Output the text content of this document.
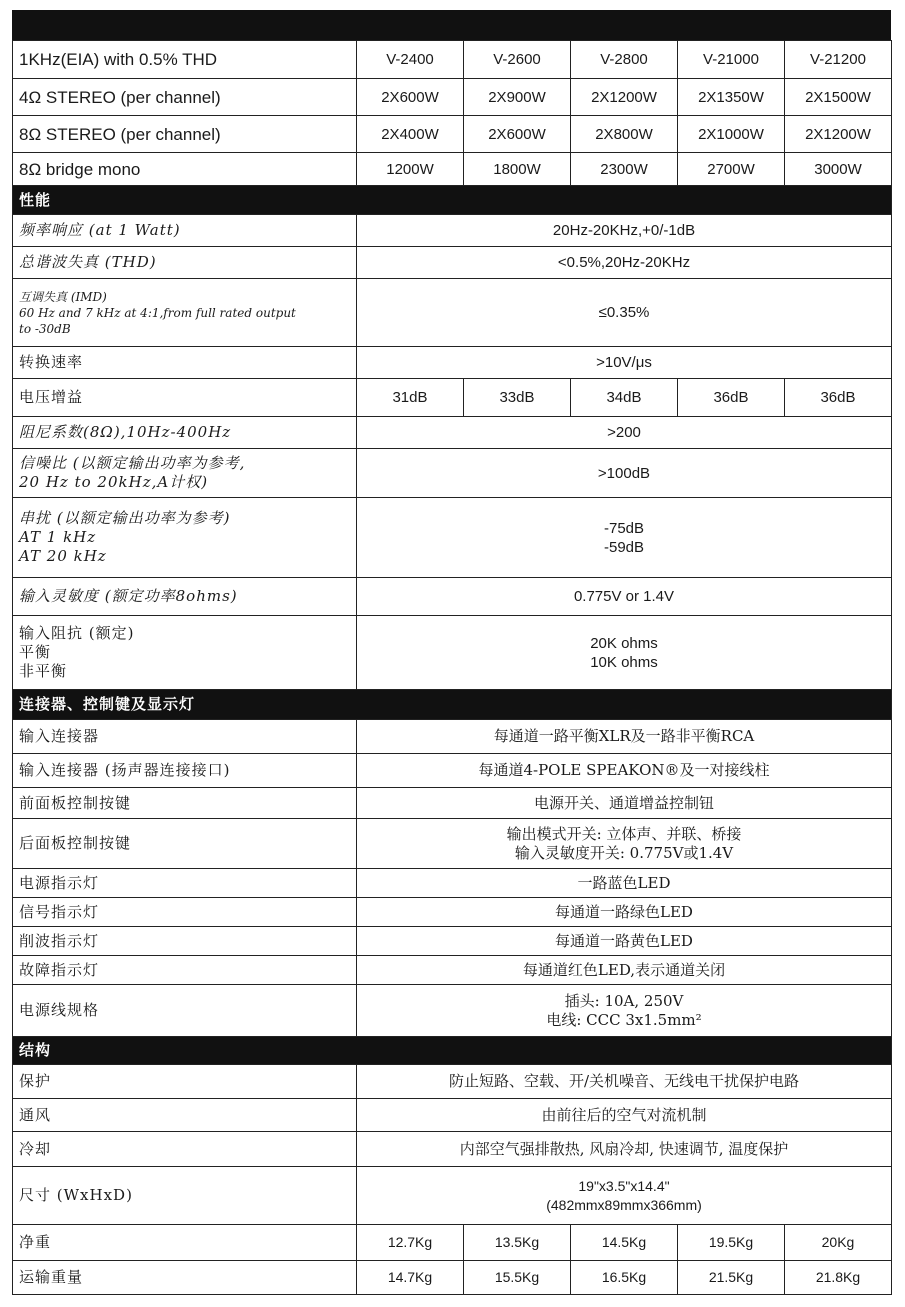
1KHz(EIA) with 0.5% THD	V-2400	V-2600	V-2800	V-21000	V-21200
4Ω STEREO (per channel)	2X600W	2X900W	2X1200W	2X1350W	2X1500W
8Ω STEREO (per channel)	2X400W	2X600W	2X800W	2X1000W	2X1200W
8Ω bridge mono	1200W	1800W	2300W	2700W	3000W
性能					
频率响应 (at 1 Watt)	20Hz-20KHz,+0/-1dB				
总谐波失真 (THD)	<0.5%,20Hz-20KHz				

互调失真 (IMD)
60 Hz and 7 kHz at 4:1,from full rated output
to -30dB	≤0.35%				
转换速率	>10V/μs				
电压增益	31dB	33dB	34dB	36dB	36dB
阻尼系数(8Ω),10Hz-400Hz	>200				

信噪比 (以额定输出功率为参考,
20 Hz to 20kHz,A计权)	>100dB				

串扰 (以额定输出功率为参考)
AT 1 kHz
AT 20 kHz	-75dB
-59dB				

输入灵敏度 (额定功率8ohms)	0.775V or 1.4V				

输入阻抗 (额定)
平衡
非平衡	20K ohms
10K ohms				

连接器、控制键及显示灯					
输入连接器	每通道一路平衡XLR及一路非平衡RCA				
输入连接器 (扬声器连接接口)	每通道4-POLE SPEAKON®及一对接线柱				
前面板控制按键	电源开关、通道增益控制钮				
后面板控制按键	输出模式开关: 立体声、并联、桥接
输入灵敏度开关: 0.775V或1.4V				

电源指示灯	一路蓝色LED				
信号指示灯	每通道一路绿色LED				
削波指示灯	每通道一路黄色LED				
故障指示灯	每通道红色LED,表示通道关闭				
电源线规格	插头: 10A, 250V
电线: CCC 3x1.5mm²				

结构					
保护	防止短路、空载、开/关机噪音、无线电干扰保护电路				
通风	由前往后的空气对流机制				
冷却	内部空气强排散热, 风扇冷却, 快速调节, 温度保护				
尺寸 (WxHxD)	19"x3.5"x14.4"
(482mmx89mmx366mm)				

净重	12.7Kg	13.5Kg	14.5Kg	19.5Kg	20Kg
运输重量	14.7Kg	15.5Kg	16.5Kg	21.5Kg	21.8Kg
